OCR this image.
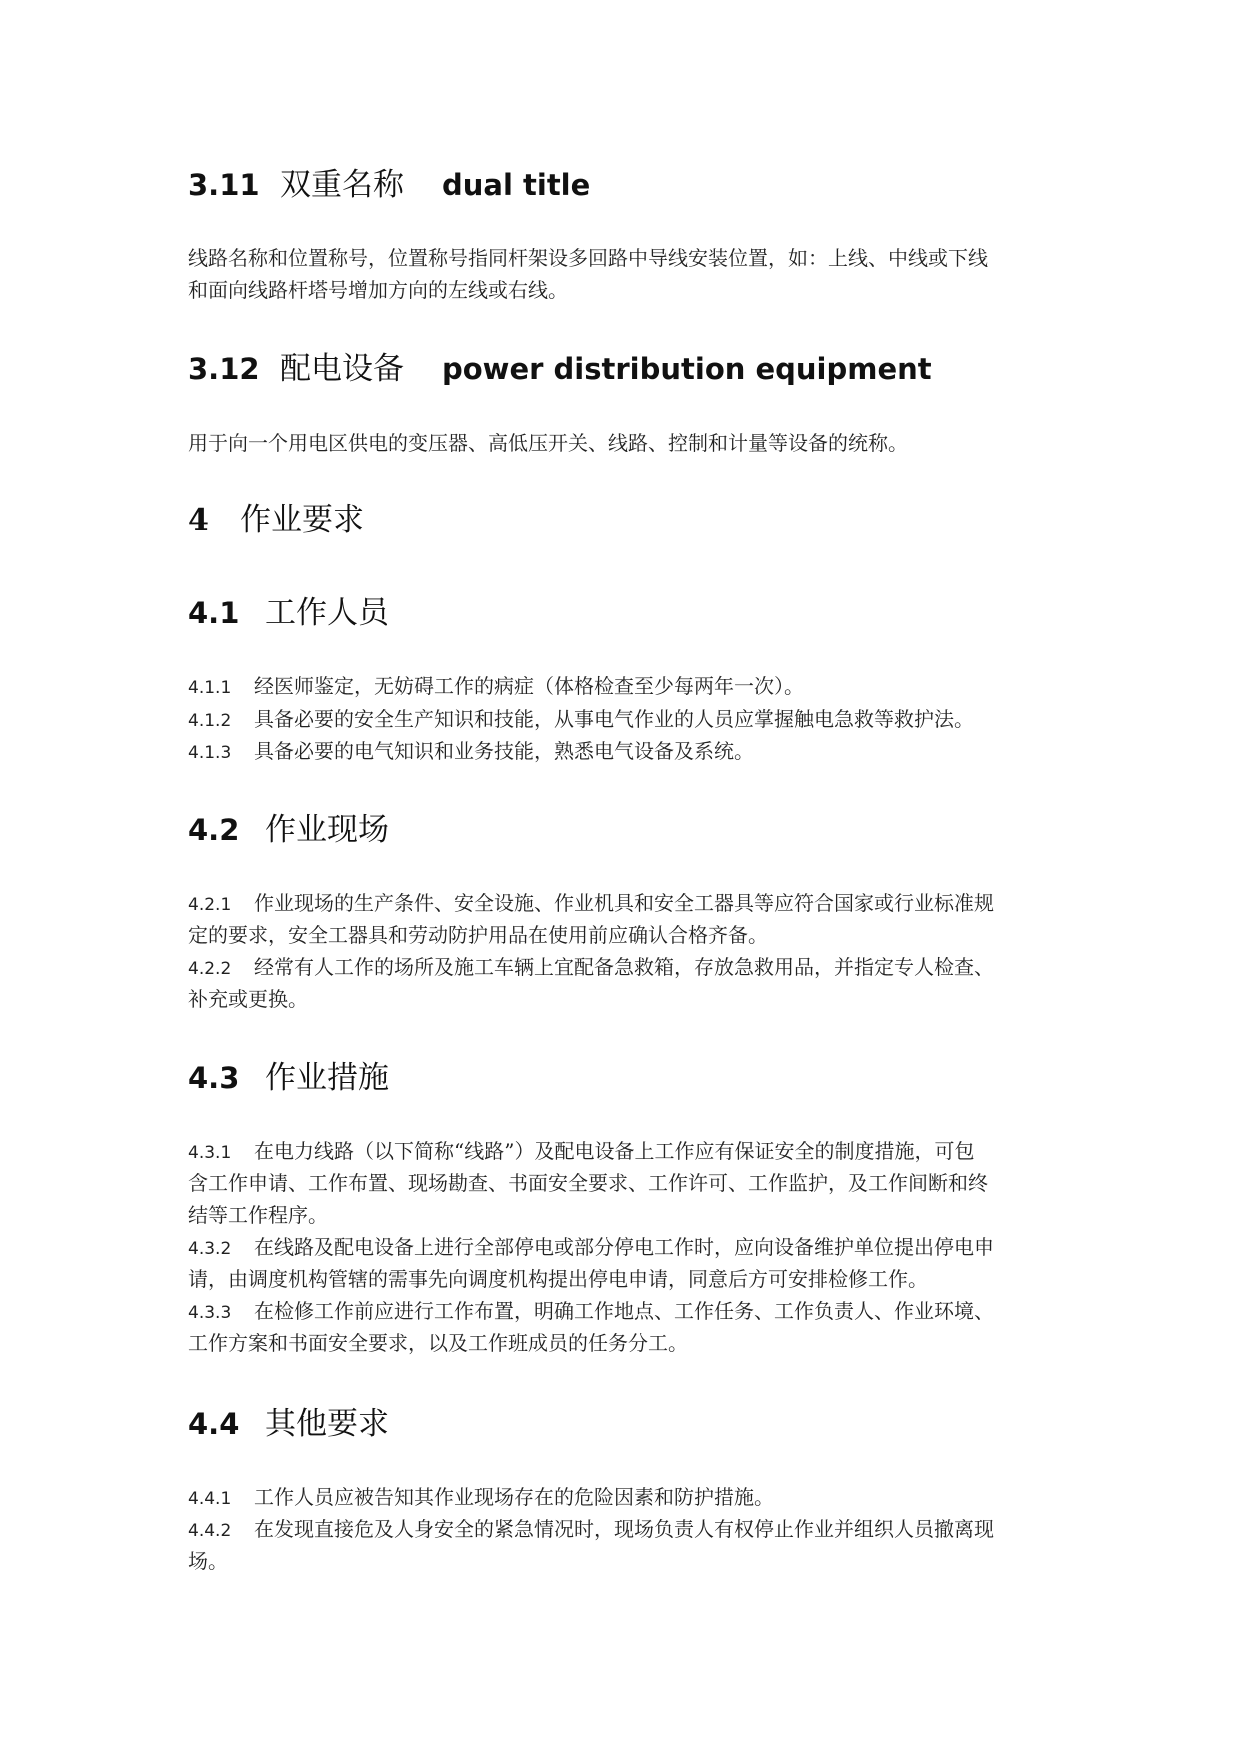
3.11 双重名称 dual title
线路名称和位置称号，位置称号指同杆架设多回路中导线安装位置，如：上线、中线或下线
和面向线路杆塔号增加方向的左线或右线。
3.12 配电设备 power distribution equipment
用于向一个用电区供电的变压器、高低压开关、线路、控制和计量等设备的统称。
4 作业要求
4.1 工作人员
4.1.1 经医师鉴定，无妨碍工作的病症（体格检查至少每两年一次）。
4.1.2 具备必要的安全生产知识和技能，从事电气作业的人员应掌握触电急救等救护法。
4.1.3 具备必要的电气知识和业务技能，熟悉电气设备及系统。
4.2 作业现场
4.2.1 作业现场的生产条件、安全设施、作业机具和安全工器具等应符合国家或行业标准规
定的要求，安全工器具和劳动防护用品在使用前应确认合格齐备。
4.2.2 经常有人工作的场所及施工车辆上宜配备急救箱，存放急救用品，并指定专人检查、
补充或更换。
4.3 作业措施
4.3.1 在电力线路（以下简称“线路”）及配电设备上工作应有保证安全的制度措施，可包
含工作申请、工作布置、现场勘查、书面安全要求、工作许可、工作监护，及工作间断和终
结等工作程序。
4.3.2 在线路及配电设备上进行全部停电或部分停电工作时，应向设备维护单位提出停电申
请，由调度机构管辖的需事先向调度机构提出停电申请，同意后方可安排检修工作。
4.3.3 在检修工作前应进行工作布置，明确工作地点、工作任务、工作负责人、作业环境、
工作方案和书面安全要求，以及工作班成员的任务分工。
4.4 其他要求
4.4.1 工作人员应被告知其作业现场存在的危险因素和防护措施。
4.4.2 在发现直接危及人身安全的紧急情况时，现场负责人有权停止作业并组织人员撤离现
场。
